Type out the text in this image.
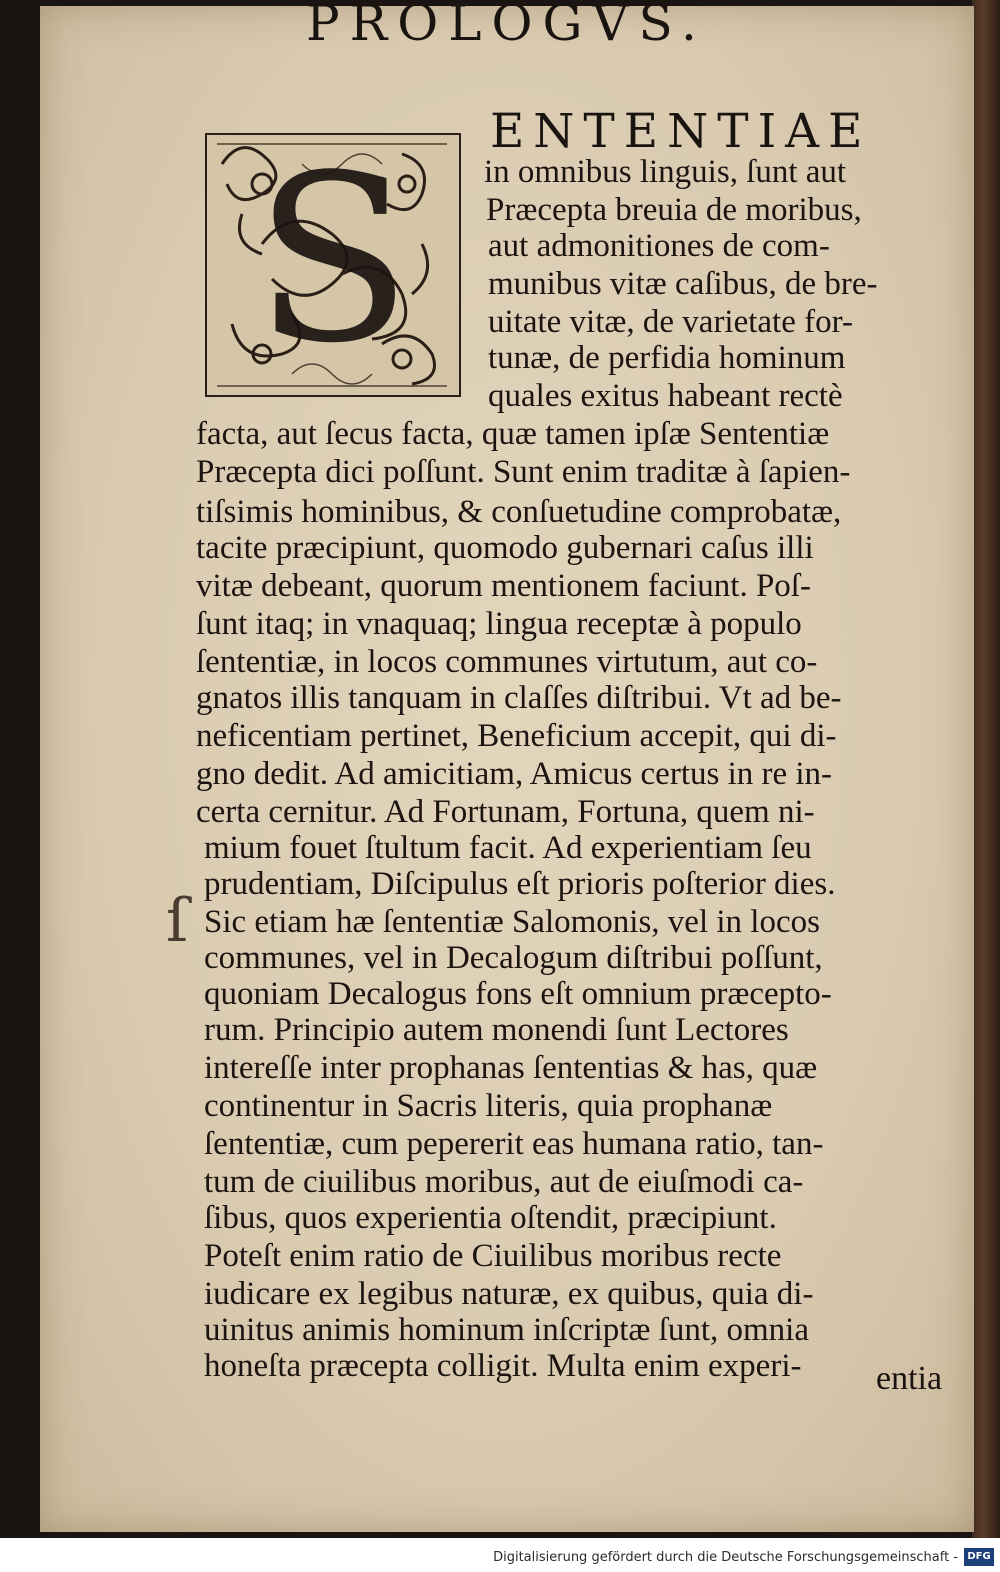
PROLOGVS.
S ENTENTIAE
in omnibus linguis, ſunt aut
Præcepta breuia de moribus,
aut admonitiones de com-
munibus vitæ caſibus, de bre-
uitate vitæ, de varietate for-
tunæ, de perfidia hominum
quales exitus habeant rectè
facta, aut ſecus facta, quæ tamen ipſæ Sententiæ
Præcepta dici poſſunt. Sunt enim traditæ à ſapien-
tiſsimis hominibus, & conſuetudine comprobatæ,
tacite præcipiunt, quomodo gubernari caſus illi
vitæ debeant, quorum mentionem faciunt. Poſ-
ſunt itaq; in vnaquaq; lingua receptæ à populo
ſententiæ, in locos communes virtutum, aut co-
gnatos illis tanquam in claſſes diſtribui. Vt ad be-
neficentiam pertinet, Beneficium accepit, qui di-
gno dedit. Ad amicitiam, Amicus certus in re in-
certa cernitur. Ad Fortunam, Fortuna, quem ni-
mium fouet ſtultum facit. Ad experientiam ſeu
prudentiam, Diſcipulus eſt prioris poſterior dies.
Sic etiam hæ ſententiæ Salomonis, vel in locos
communes, vel in Decalogum diſtribui poſſunt,
quoniam Decalogus fons eſt omnium præcepto-
rum. Principio autem monendi ſunt Lectores
intereſſe inter prophanas ſententias & has, quæ
continentur in Sacris literis, quia prophanæ
ſententiæ, cum pepererit eas humana ratio, tan-
tum de ciuilibus moribus, aut de eiuſmodi ca-
ſibus, quos experientia oſtendit, præcipiunt.
Poteſt enim ratio de Ciuilibus moribus recte
iudicare ex legibus naturæ, ex quibus, quia di-
uinitus animis hominum inſcriptæ ſunt, omnia
honeſta præcepta colligit. Multa enim experi-
ſ
entia
Digitalisierung gefördert durch die Deutsche Forschungsgemeinschaft - DFG
